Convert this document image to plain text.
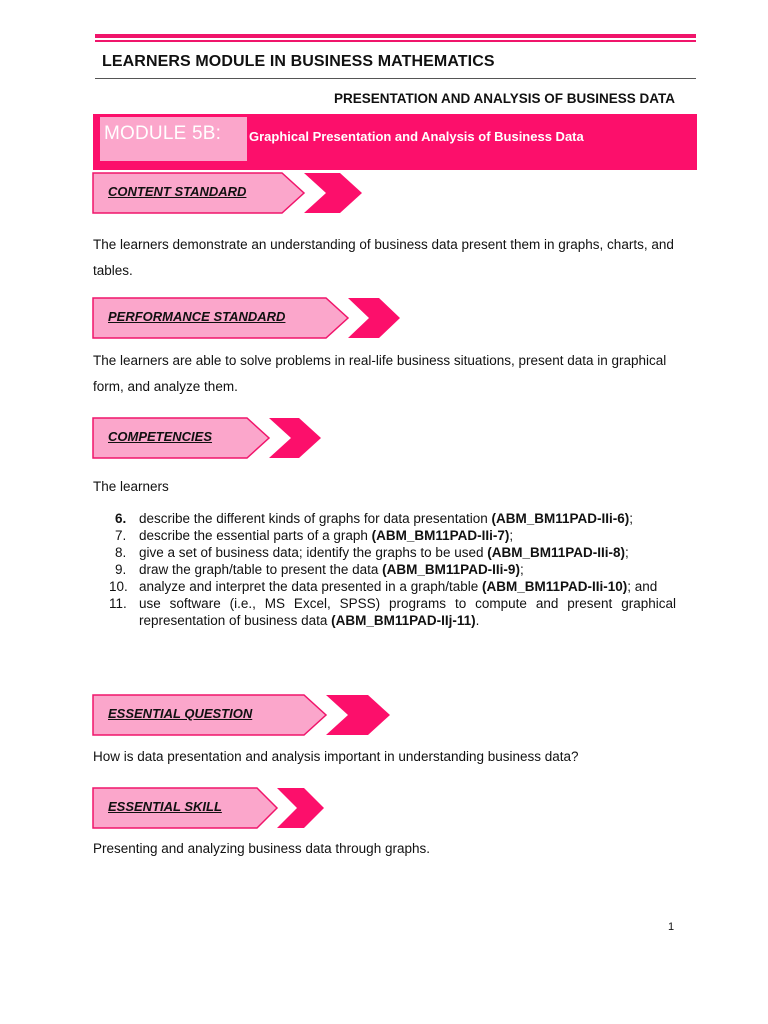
LEARNERS MODULE IN BUSINESS MATHEMATICS
PRESENTATION AND ANALYSIS OF BUSINESS DATA
MODULE 5B: Graphical Presentation and Analysis of Business Data
CONTENT STANDARD
The learners demonstrate an understanding of business data present them in graphs, charts, and tables.
PERFORMANCE STANDARD
The learners are able to solve problems in real-life business situations, present data in graphical form, and analyze them.
COMPETENCIES
The learners
6. describe the different kinds of graphs for data presentation (ABM_BM11PAD-IIi-6);
7. describe the essential parts of a graph (ABM_BM11PAD-IIi-7);
8. give a set of business data; identify the graphs to be used (ABM_BM11PAD-IIi-8);
9. draw the graph/table to present the data (ABM_BM11PAD-IIi-9);
10. analyze and interpret the data presented in a graph/table (ABM_BM11PAD-IIi-10); and
11. use software (i.e., MS Excel, SPSS) programs to compute and present graphical representation of business data (ABM_BM11PAD-IIj-11).
ESSENTIAL QUESTION
How is data presentation and analysis important in understanding business data?
ESSENTIAL SKILL
Presenting and analyzing business data through graphs.
1
